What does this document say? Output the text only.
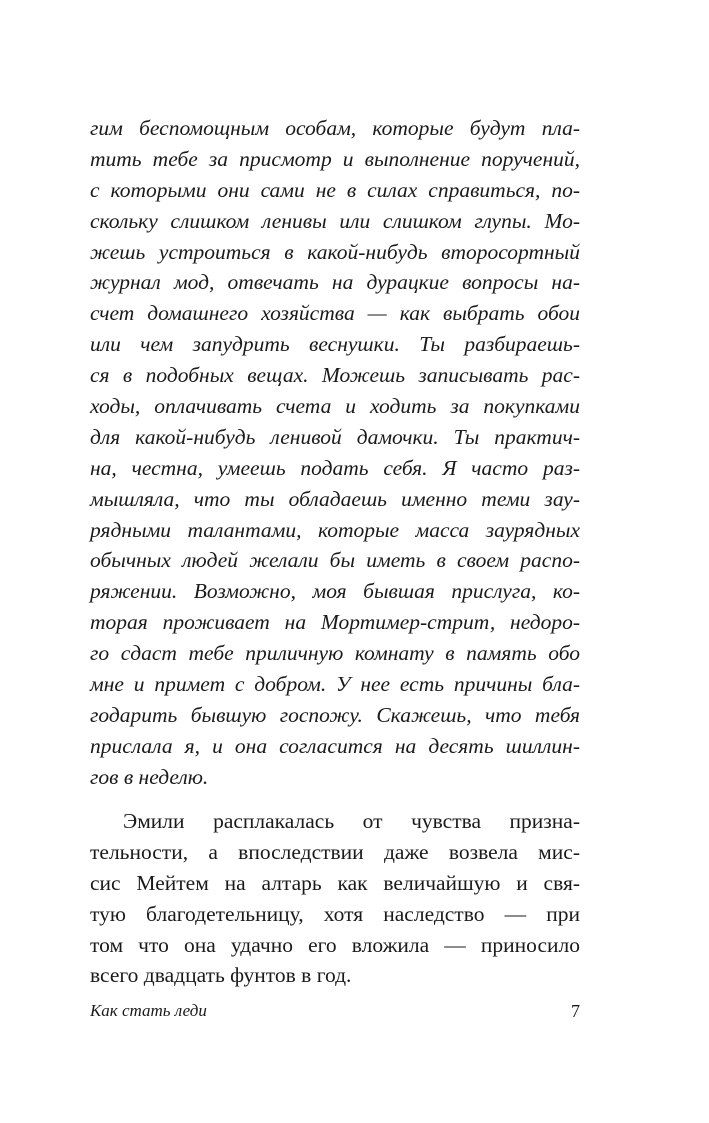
гим беспомощным особам, которые будут пла-
тить тебе за присмотр и выполнение поручений,
с которыми они сами не в силах справиться, по-
скольку слишком ленивы или слишком глупы. Мо-
жешь устроиться в какой-нибудь второсортный
журнал мод, отвечать на дурацкие вопросы на-
счет домашнего хозяйства — как выбрать обои
или чем запудрить веснушки. Ты разбираешь-
ся в подобных вещах. Можешь записывать рас-
ходы, оплачивать счета и ходить за покупками
для какой-нибудь ленивой дамочки. Ты практич-
на, честна, умеешь подать себя. Я часто раз-
мышляла, что ты обладаешь именно теми зау-
рядными талантами, которые масса заурядных
обычных людей желали бы иметь в своем распо-
ряжении. Возможно, моя бывшая прислуга, ко-
торая проживает на Мортимер-стрит, недоро-
го сдаст тебе приличную комнату в память обо
мне и примет с добром. У нее есть причины бла-
годарить бывшую госпожу. Скажешь, что тебя
прислала я, и она согласится на десять шиллин-
гов в неделю.
Эмили расплакалась от чувства призна-
тельности, а впоследствии даже возвела мис-
сис Мейтем на алтарь как величайшую и свя-
тую благодетельницу, хотя наследство — при
том что она удачно его вложила — приносило
всего двадцать фунтов в год.
Как стать леди	7
